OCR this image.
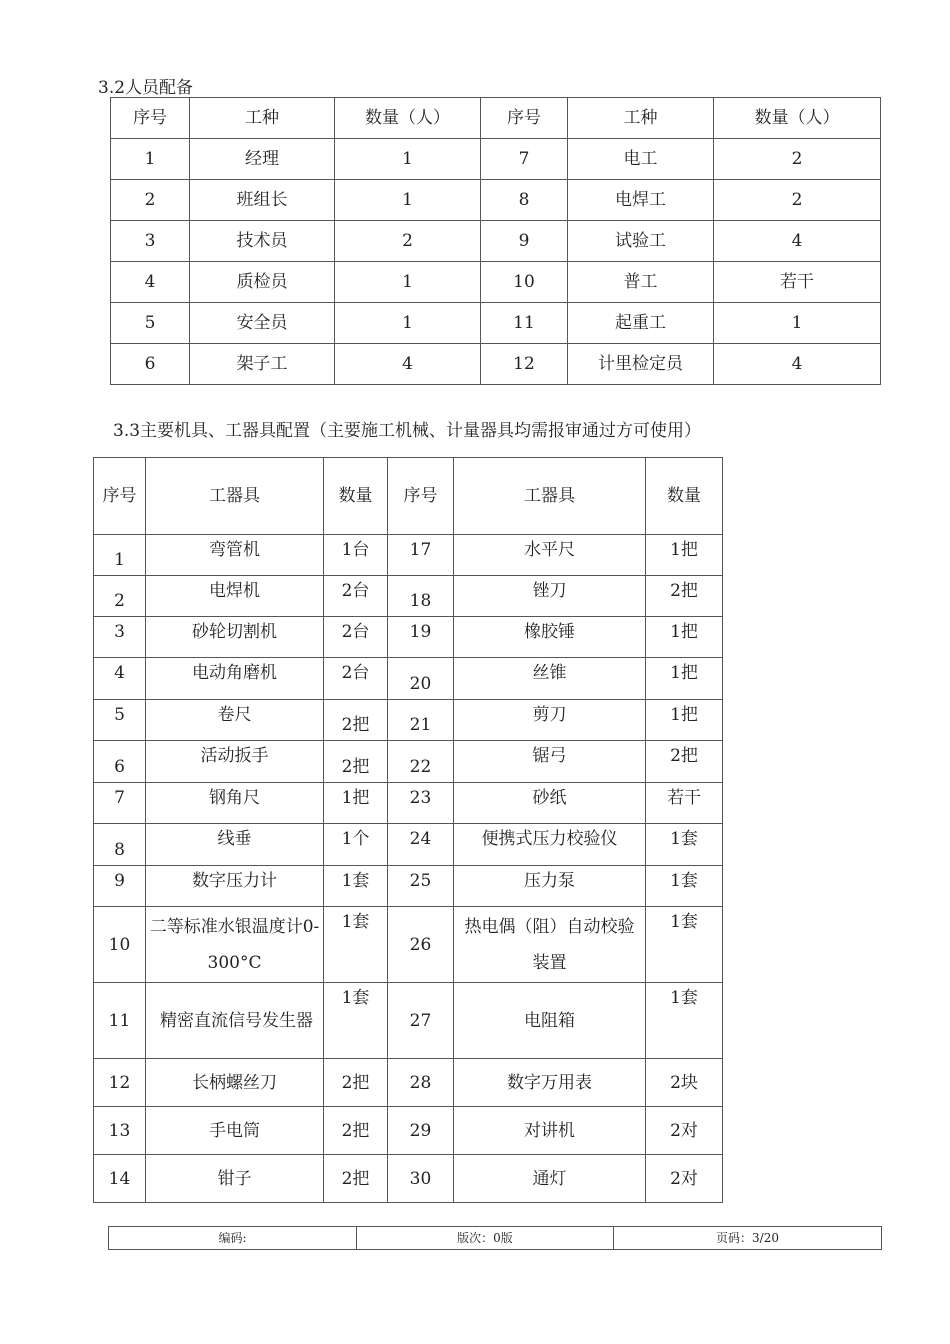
3.2人员配备
序号	工种	数量（人）	序号	工种	数量（人）
1	经理	1	7	电工	2
2	班组长	1	8	电焊工	2
3	技术员	2	9	试验工	4
4	质检员	1	10	普工	若干
5	安全员	1	11	起重工	1
6	架子工	4	12	计里检定员	4
3.3主要机具、工器具配置（主要施工机械、计量器具均需报审通过方可使用）
序号	工器具	数量	序号	工器具	数量
1	弯管机	1台	17	水平尺	1把
2	电焊机	2台	18	锉刀	2把
3	砂轮切割机	2台	19	橡胶锤	1把
4	电动角磨机	2台	20	丝锥	1把
5	卷尺	2把	21	剪刀	1把
6	活动扳手	2把	22	锯弓	2把
7	钢角尺	1把	23	砂纸	若干
8	线垂	1个	24	便携式压力校验仪	1套
9	数字压力计	1套	25	压力泵	1套
10	二等标准水银温度计0-300°C	1套	26	热电偶（阻）自动校验装置	1套
11	精密直流信号发生器	1套	27	电阻箱	1套
12	长柄螺丝刀	2把	28	数字万用表	2块
13	手电筒	2把	29	对讲机	2对
14	钳子	2把	30	通灯	2对
编码:	版次：0版	页码：3/20
